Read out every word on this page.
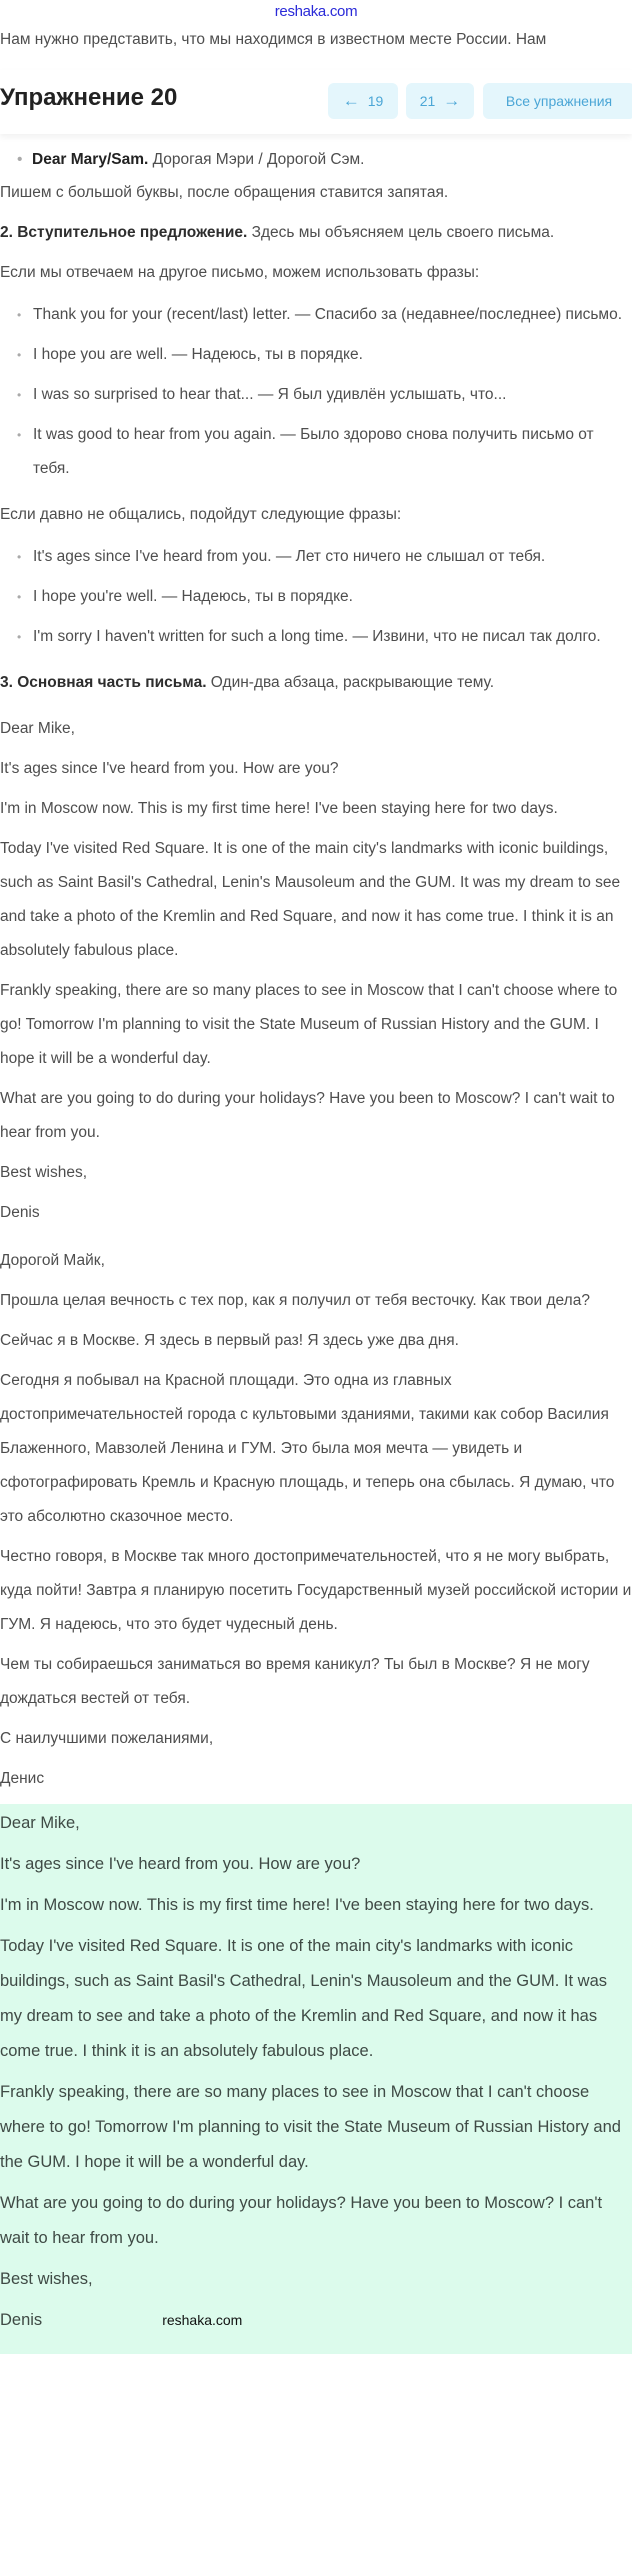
reshaka.com
Нам нужно представить, что мы находимся в известном месте России. Нам
Упражнение 20	← 19	21 →	Все упражнения
• Dear Mary/Sam. Дорогая Мэри / Дорогой Сэм.

Пишем с большой буквы, после обращения ставится запятая.

2. Вступительное предложение. Здесь мы объясняем цель своего письма.

Если мы отвечаем на другое письмо, можем использовать фразы:

• Thank you for your (recent/last) letter. — Спасибо за (недавнее/последнее) письмо.
• I hope you are well. — Надеюсь, ты в порядке.
• I was so surprised to hear that... — Я был удивлён услышать, что...
• It was good to hear from you again. — Было здорово снова получить письмо от тебя.

Если давно не общались, подойдут следующие фразы:

• It's ages since I've heard from you. — Лет сто ничего не слышал от тебя.
• I hope you're well. — Надеюсь, ты в порядке.
• I'm sorry I haven't written for such a long time. — Извини, что не писал так долго.

3. Основная часть письма. Один-два абзаца, раскрывающие тему.

Dear Mike,

It's ages since I've heard from you. How are you?

I'm in Moscow now. This is my first time here! I've been staying here for two days.

Today I've visited Red Square. It is one of the main city's landmarks with iconic buildings, such as Saint Basil's Cathedral, Lenin's Mausoleum and the GUM. It was my dream to see and take a photo of the Kremlin and Red Square, and now it has come true. I think it is an absolutely fabulous place.

Frankly speaking, there are so many places to see in Moscow that I can't choose where to go! Tomorrow I'm planning to visit the State Museum of Russian History and the GUM. I hope it will be a wonderful day.

What are you going to do during your holidays? Have you been to Moscow? I can't wait to hear from you.

Best wishes,

Denis

Дорогой Майк,

Прошла целая вечность с тех пор, как я получил от тебя весточку. Как твои дела?

Сейчас я в Москве. Я здесь в первый раз! Я здесь уже два дня.

Сегодня я побывал на Красной площади. Это одна из главных достопримечательностей города с культовыми зданиями, такими как собор Василия Блаженного, Мавзолей Ленина и ГУМ. Это была моя мечта — увидеть и сфотографировать Кремль и Красную площадь, и теперь она сбылась. Я думаю, что это абсолютно сказочное место.

Честно говоря, в Москве так много достопримечательностей, что я не могу выбрать, куда пойти! Завтра я планирую посетить Государственный музей российской истории и ГУМ. Я надеюсь, что это будет чудесный день.

Чем ты собираешься заниматься во время каникул? Ты был в Москве? Я не могу дождаться вестей от тебя.

С наилучшими пожеланиями,

Денис

Dear Mike,

It's ages since I've heard from you. How are you?

I'm in Moscow now. This is my first time here! I've been staying here for two days.

Today I've visited Red Square. It is one of the main city's landmarks with iconic buildings, such as Saint Basil's Cathedral, Lenin's Mausoleum and the GUM. It was my dream to see and take a photo of the Kremlin and Red Square, and now it has come true. I think it is an absolutely fabulous place.

Frankly speaking, there are so many places to see in Moscow that I can't choose where to go! Tomorrow I'm planning to visit the State Museum of Russian History and the GUM. I hope it will be a wonderful day.

What are you going to do during your holidays? Have you been to Moscow? I can't wait to hear from you.

Best wishes,

Denis	reshaka.com
